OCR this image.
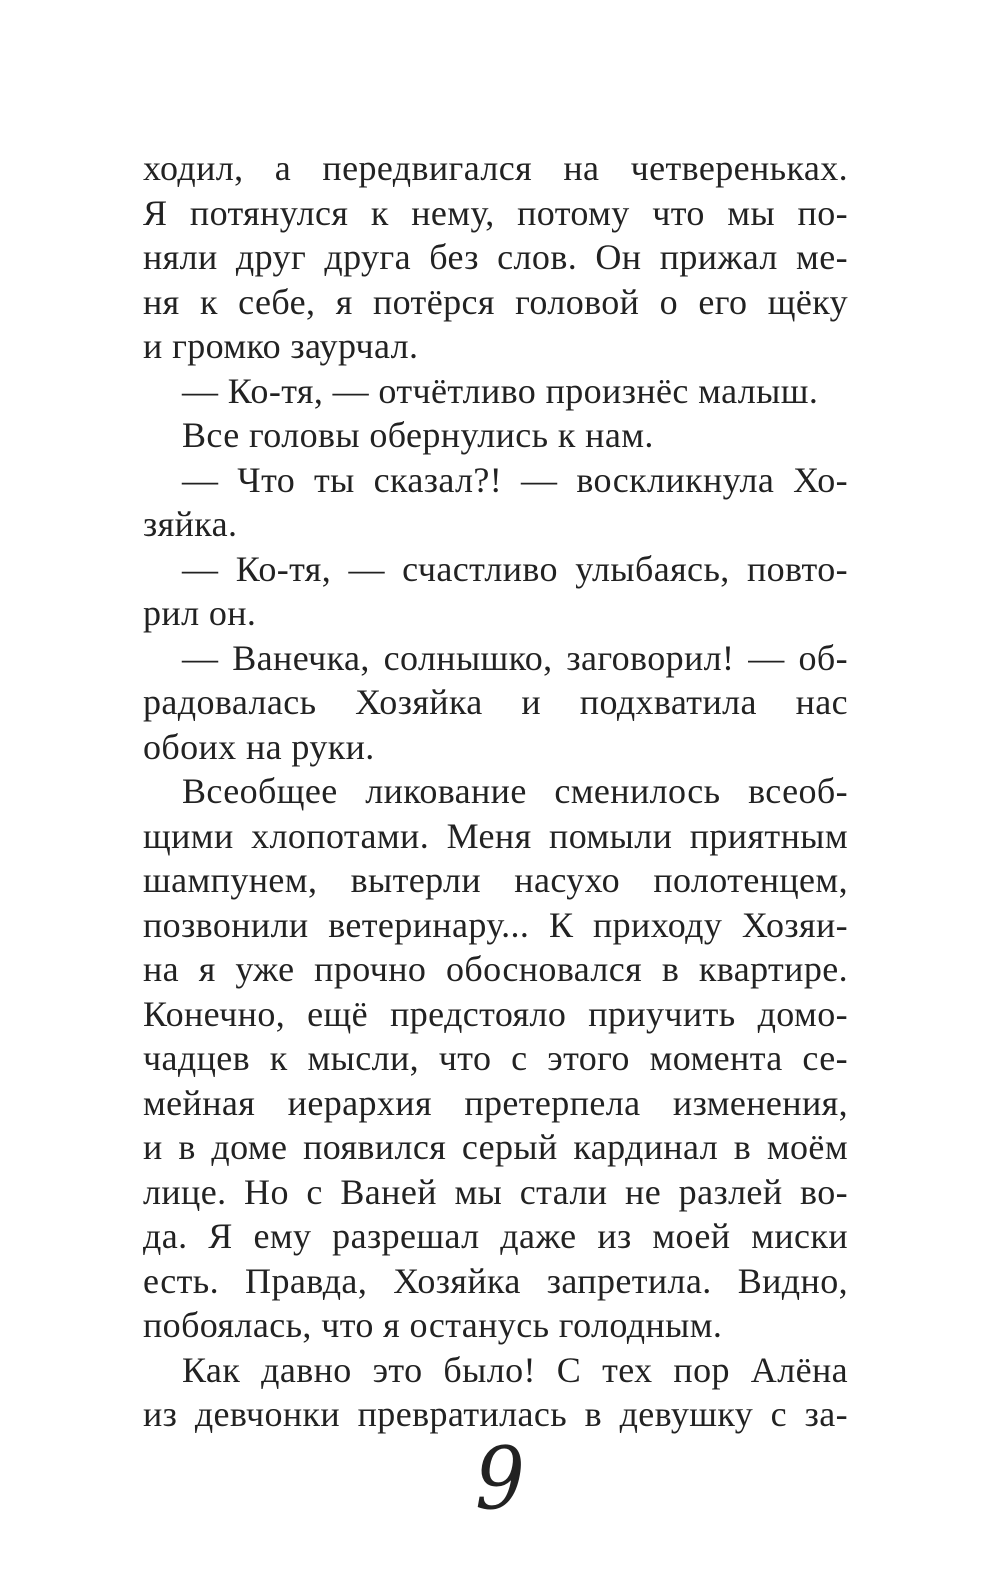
ходил, а передвигался на четвереньках.
Я потянулся к нему, потому что мы по-
няли друг друга без слов. Он прижал ме-
ня к себе, я потёрся головой о его щёку
и громко заурчал.
— Ко-тя, — отчётливо произнёс малыш.
Все головы обернулись к нам.
— Что ты сказал?! — воскликнула Хо-
зяйка.
— Ко-тя, — счастливо улыбаясь, повто-
рил он.
— Ванечка, солнышко, заговорил! — об-
радовалась Хозяйка и подхватила нас
обоих на руки.
Всеобщее ликование сменилось всеоб-
щими хлопотами. Меня помыли приятным
шампунем, вытерли насухо полотенцем,
позвонили ветеринару... К приходу Хозяи-
на я уже прочно обосновался в квартире.
Конечно, ещё предстояло приучить домо-
чадцев к мысли, что с этого момента се-
мейная иерархия претерпела изменения,
и в доме появился серый кардинал в моём
лице. Но с Ваней мы стали не разлей во-
да. Я ему разрешал даже из моей миски
есть. Правда, Хозяйка запретила. Видно,
побоялась, что я останусь голодным.
Как давно это было! С тех пор Алёна
из девчонки превратилась в девушку с за-
9
